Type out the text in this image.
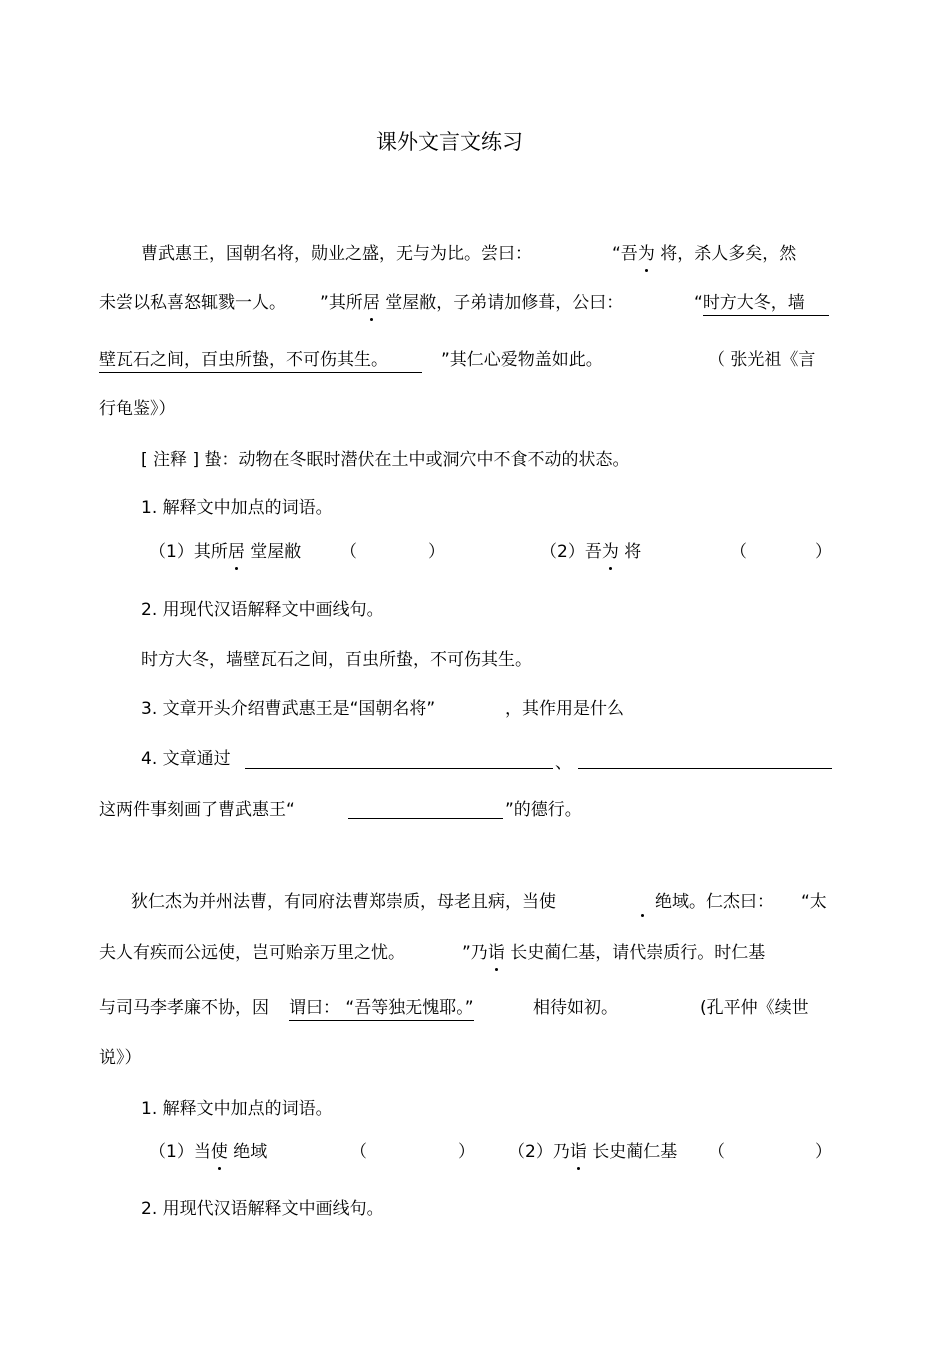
课外文言文练习
曹武惠王，国朝名将，勋业之盛，无与为比。尝曰：	“吾为 将，杀人多矣，然
未尝以私喜怒辄戮一人。 ”其所居 堂屋敝，子弟请加修葺，公曰：	“时方大冬，墙
壁瓦石之间，百虫所蛰，不可伤其生。	”其仁心爱物盖如此。	（ 张光祖《言
行龟鉴》）
[ 注释 ] 蛰：动物在冬眠时潜伏在土中或洞穴中不食不动的状态。
1. 解释文中加点的词语。
（1）其所居 堂屋敝 （	）	（2）吾为 将	（	）
2. 用现代汉语解释文中画线句。
时方大冬，墙壁瓦石之间，百虫所蛰，不可伤其生。
3. 文章开头介绍曹武惠王是“国朝名将”	，其作用是什么
4. 文章通过	、
这两件事刻画了曹武惠王“	”的德行。
狄仁杰为并州法曹，有同府法曹郑崇质，母老且病，当使	绝域。仁杰曰： “太
夫人有疾而公远使，岂可贻亲万里之忧。	”乃诣 长史蔺仁基，请代崇质行。时仁基
与司马李孝廉不协，因 谓曰： “吾等独无愧耶。”	相待如初。	(孔平仲《续世
说》）
1. 解释文中加点的词语。
（1）当使 绝域	（	） （2）乃诣 长史蔺仁基 （	）
2. 用现代汉语解释文中画线句。
